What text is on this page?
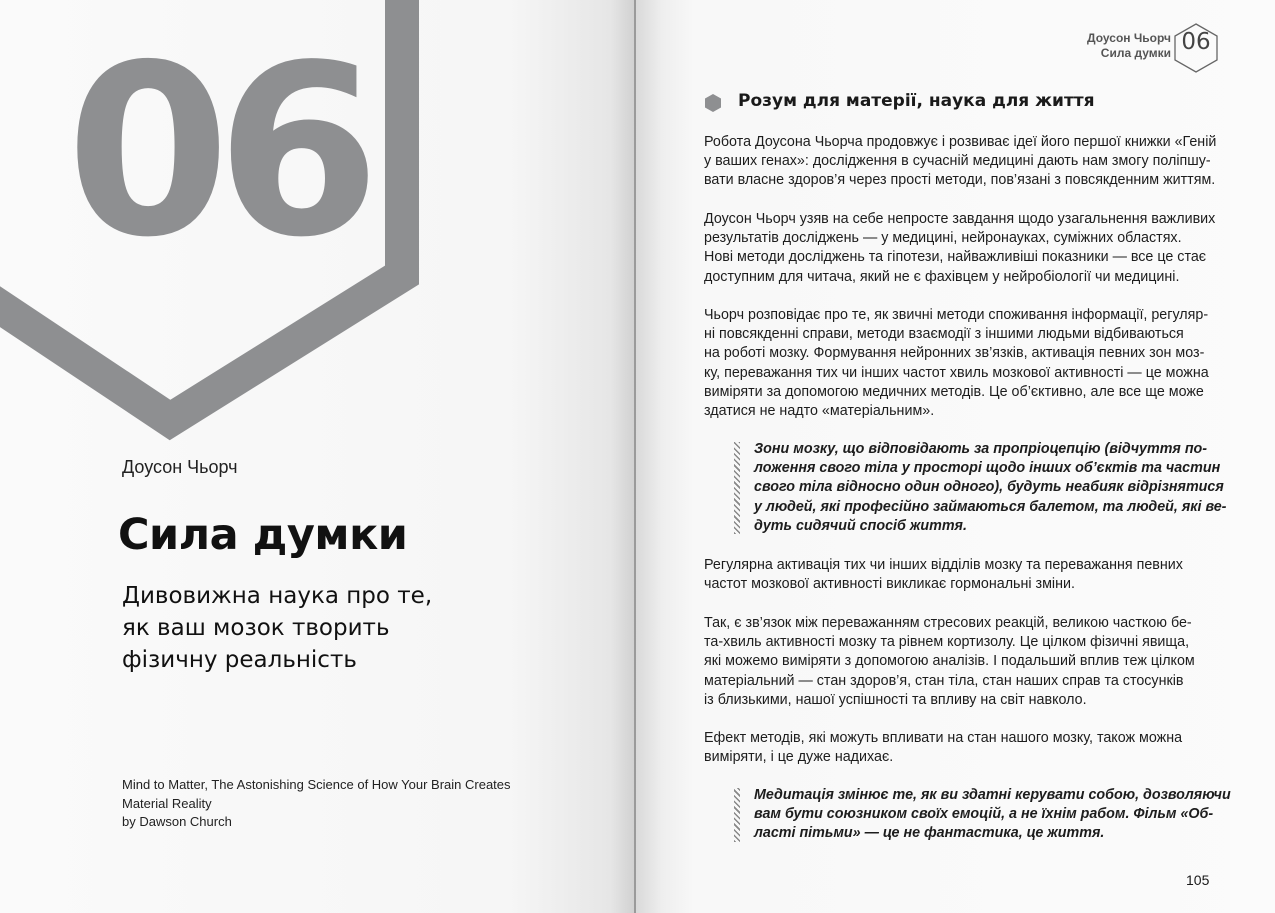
06
Доусон Чьорч
Сила думки
Дивовижна наука про те,
як ваш мозок творить
фізичну реальність
Mind to Matter, The Astonishing Science of How Your Brain Creates
Material Reality
by Dawson Church
Доусон Чьорч
Сила думки 06
Розум для матерії, наука для життя
Робота Доусона Чьорча продовжує і розвиває ідеї його першої книжки «Геній
у ваших генах»: дослідження в сучасній медицині дають нам змогу поліпшу-
вати власне здоров’я через прості методи, пов’язані з повсякденним життям.
Доусон Чьорч узяв на себе непросте завдання щодо узагальнення важливих
результатів досліджень — у медицині, нейронауках, суміжних областях.
Нові методи досліджень та гіпотези, найважливіші показники — все це стає
доступним для читача, який не є фахівцем у нейробіології чи медицині.
Чьорч розповідає про те, як звичні методи споживання інформації, регуляр-
ні повсякденні справи, методи взаємодії з іншими людьми відбиваються
на роботі мозку. Формування нейронних зв’язків, активація певних зон моз-
ку, переважання тих чи інших частот хвиль мозкової активності — це можна
виміряти за допомогою медичних методів. Це об’єктивно, але все ще може
здатися не надто «матеріальним».
Зони мозку, що відповідають за пропріоцепцію (відчуття по-
ложення свого тіла у просторі щодо інших об’єктів та частин
свого тіла відносно один одного), будуть неабияк відрізнятися
у людей, які професійно займаються балетом, та людей, які ве-
дуть сидячий спосіб життя.
Регулярна активація тих чи інших відділів мозку та переважання певних
частот мозкової активності викликає гормональні зміни.
Так, є зв’язок між переважанням стресових реакцій, великою часткою бе-
та-хвиль активності мозку та рівнем кортизолу. Це цілком фізичні явища,
які можемо виміряти з допомогою аналізів. І подальший вплив теж цілком
матеріальний — стан здоров’я, стан тіла, стан наших справ та стосунків
із близькими, нашої успішності та впливу на світ навколо.
Ефект методів, які можуть впливати на стан нашого мозку, також можна
виміряти, і це дуже надихає.
Медитація змінює те, як ви здатні керувати собою, дозволяючи
вам бути союзником своїх емоцій, а не їхнім рабом. Фільм «Об-
ласті пітьми» — це не фантастика, це життя.
105
